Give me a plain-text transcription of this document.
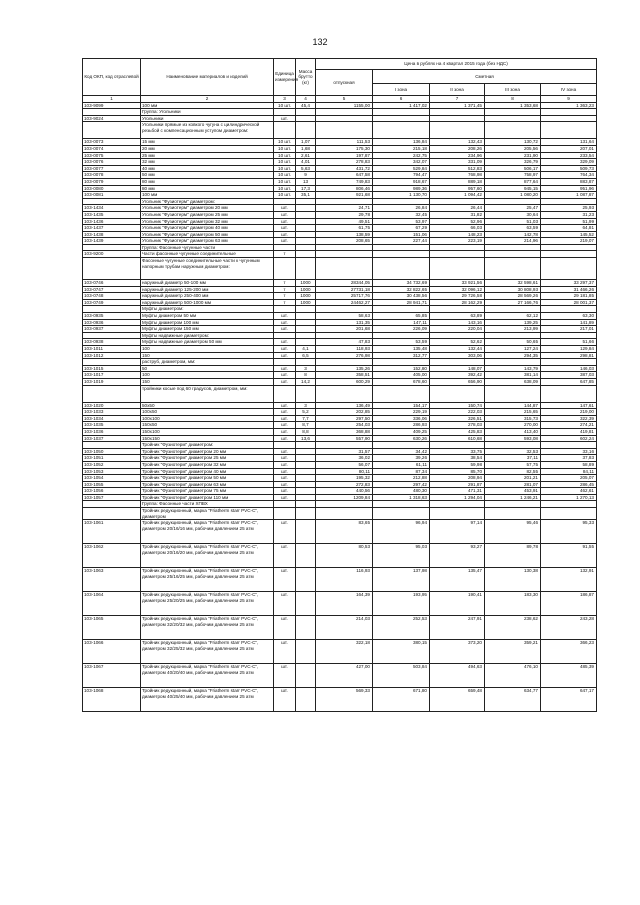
132
Код ОКП, код отраслевой	Наименование материалов и изделий	Единица измерения	Масса брутто (кг)	Цена в рублях на 4 квартал 2015 года (без НДС)				
				отпускная	Сметная			
					I зона	II зона	III зона	IV зона

1	2	3	4	5	6	7	8	9
103-9099	100 мм	10 шт.	45,4	1155,00	1 417,02	1 371,45	1 353,68	1 363,23
	Группа: Угольники							
103-9024	Угольники	шт.						
	Угольники прямые из ковкого чугуна с цилиндрической резьбой с компенсационным уступом диаметром:							
103-0073	15 мм	10 шт.	1,07	111,53	136,84	132,43	130,72	131,64
103-0074	20 мм	10 шт.	1,68	175,30	215,18	208,26	205,56	207,01
103-0075	25 мм	10 шт.	2,61	197,87	242,75	234,96	231,90	233,54
103-0076	32 мм	10 шт.	4,01	278,83	342,07	331,09	326,79	329,09
103-0077	40 мм	10 шт.	5,63	431,72	529,84	512,83	506,17	509,73
103-0078	50 мм	10 шт.	9	647,58	794,47	768,98	758,97	764,34
103-0079	80 мм	10 шт.	13	749,83	918,67	889,18	877,64	883,87
103-0080	80 мм	10 шт.	17,3	806,46	989,36	957,60	945,15	951,96
103-0081	100 мм	10 шт.	35,1	921,68	1 130,70	1 094,42	1 080,20	1 087,87
	Угольник "Фузиотерм" диаметром:							
103-1434	Угольник "Фузиотерм" диаметром 20 мм	шт.		24,71	26,84	26,44	25,47	25,93
103-1435	Угольник "Фузиотерм" диаметром 25 мм	шт.		29,78	32,45	31,82	30,64	31,23
103-1436	Угольник "Фузиотерм" диаметром 32 мм	шт.		49,51	53,97	52,96	51,03	51,99
103-1437	Угольник "Фузиотерм" диаметром 40 мм	шт.		61,75	67,29	66,03	63,59	64,81
103-1438	Угольник "Фузиотерм" диаметром 50 мм	шт.		138,59	151,06	148,23	142,78	145,52
103-1439	Угольник "Фузиотерм" диаметром 63 мм	шт.		208,65	227,44	223,19	214,96	219,07
	Группа: Фасонные чугунные части							
103-9200	Части фасонные чугунные соединительные	т						
	Фасонные чугунные соединительные части к чугунным напорным трубам наружным диаметром:							
103-0746	наружный диаметр 50-100 мм	т	1000	28344,05	34 732,69	33 921,56	32 598,61	33 297,37
103-0747	наружный диаметр 125-200 мм	т	1000	27731,18	32 822,65	32 096,12	30 808,93	31 466,26
103-0748	наружный диаметр 250-400 мм	т	1000	25717,76	30 438,56	29 726,58	28 569,26	29 181,85
103-0749	наружный диаметр 500-1000 мм	т	1000	24462,27	28 941,71	28 162,29	27 166,76	28 001,37
	Муфты диаметром:							
103-0935	Муфты диаметром 50 мм	шт.		58,63	65,85	63,89	62,12	63,30
103-0936	Муфты диаметром 100 мм	шт.		131,35	147,11	143,16	139,25	141,89
103-0937	Муфты диаметром 150 мм	шт.		201,68	226,09	220,04	213,99	217,01
	Муфты надвижные диаметром:							
103-0938	Муфты надвижные диаметром 50 мм	шт.		47,83	53,59	52,62	50,65	51,66
103-1011	100	шт.	4,1	118,93	135,48	132,44	127,24	129,84
103-1012	150	шт.	6,5	276,98	312,77	303,06	294,35	298,81
	раструб, диаметром, мм:							
103-1015	50	шт.	3	135,26	152,80	148,07	143,79	146,03
103-1017	100	шт.	8	358,51	405,00	392,42	381,14	387,03
103-1019	150	шт.	14,2	600,29	678,60	656,90	638,09	647,85
	тройники косые под 60 градусов, диаметром, мм:							
103-1020	50х50	шт.	3	136,49	154,17	150,74	144,87	147,61
103-1033	100х50	шт.	5,2	202,85	229,19	222,03	215,65	219,00
103-1034	100х100	шт.	7,7	297,50	336,06	326,51	315,73	322,39
103-1035	150х50	шт.	8,7	254,03	286,93	278,03	270,00	274,21
103-1036	150х100	шт.	8,8	368,88	409,25	425,83	413,40	419,81
103-1037	150х150	шт.	13,6	557,90	630,26	610,68	593,08	602,24
	Тройник "Фузиотерм" диаметром:							
103-1050	Тройник "Фузиотерм" диаметром 20 мм	шт.		31,57	34,42	33,75	32,53	33,16
103-1051	Тройник "Фузиотерм" диаметром 25 мм	шт.		36,02	39,26	38,54	37,11	37,83
103-1052	Тройник "Фузиотерм" диаметром 32 мм	шт.		56,07	61,11	59,98	57,75	58,89
103-1053	Тройник "Фузиотерм" диаметром 40 мм	шт.		80,11	87,34	85,70	82,55	84,11
103-1054	Тройник "Фузиотерм" диаметром 50 мм	шт.		195,32	212,88	208,94	201,21	205,07
103-1055	Тройник "Фузиотерм" диаметром 63 мм	шт.		272,83	297,42	291,87	281,07	286,45
103-1056	Тройник "Фузиотерм" диаметром 75 мм	шт.		440,56	480,30	471,31	453,91	462,61
103-1057	Тройник "Фузиотерм" диаметром 110 мм	шт.		1209,84	1 318,63	1 294,04	1 246,21	1 270,13
	Группа: Фасонные части ХПВХ							
	Тройник редукционный, марка "Friatherm starr PVC-C", диаметром							
103-1061	Тройник редукционный, марка "Friatherm starr PVC-C", диаметром 20/16/16 мм, рабочим давлением 25 атм	шт.		83,65	96,94	97,14	95,46	95,33
103-1062	Тройник редукционный, марка "Friatherm starr PVC-C", диаметром 20/16/20 мм, рабочим давлением 25 атм	шт.		80,53	95,03	93,27	89,78	91,55
103-1063	Тройник редукционный, марка "Friatherm starr PVC-C", диаметром 25/16/25 мм, рабочим давлением 25 атм	шт.		116,93	137,98	135,47	130,38	132,91
103-1064	Тройник редукционный, марка "Friatherm starr PVC-C", диаметром 25/20/25 мм, рабочим давлением 25 атм	шт.		164,39	193,95	190,41	183,30	186,87
103-1065	Тройник редукционный, марка "Friatherm starr PVC-C", диаметром 32/20/32 мм, рабочим давлением 25 атм	шт.		214,03	252,53	247,91	238,62	243,28
103-1066	Тройник редукционный, марка "Friatherm starr PVC-C", диаметром 32/25/32 мм, рабочим давлением 25 атм	шт.		322,18	380,15	373,20	359,21	366,23
103-1067	Тройник редукционный, марка "Friatherm starr PVC-C", диаметром 40/20/40 мм, рабочим давлением 25 атм	шт.		427,00	503,84	494,63	476,10	485,39
103-1068	Тройник редукционный, марка "Friatherm starr PVC-C", диаметром 40/25/40 мм, рабочим давлением 25 атм	шт.		569,33	671,80	659,48	634,77	647,17
